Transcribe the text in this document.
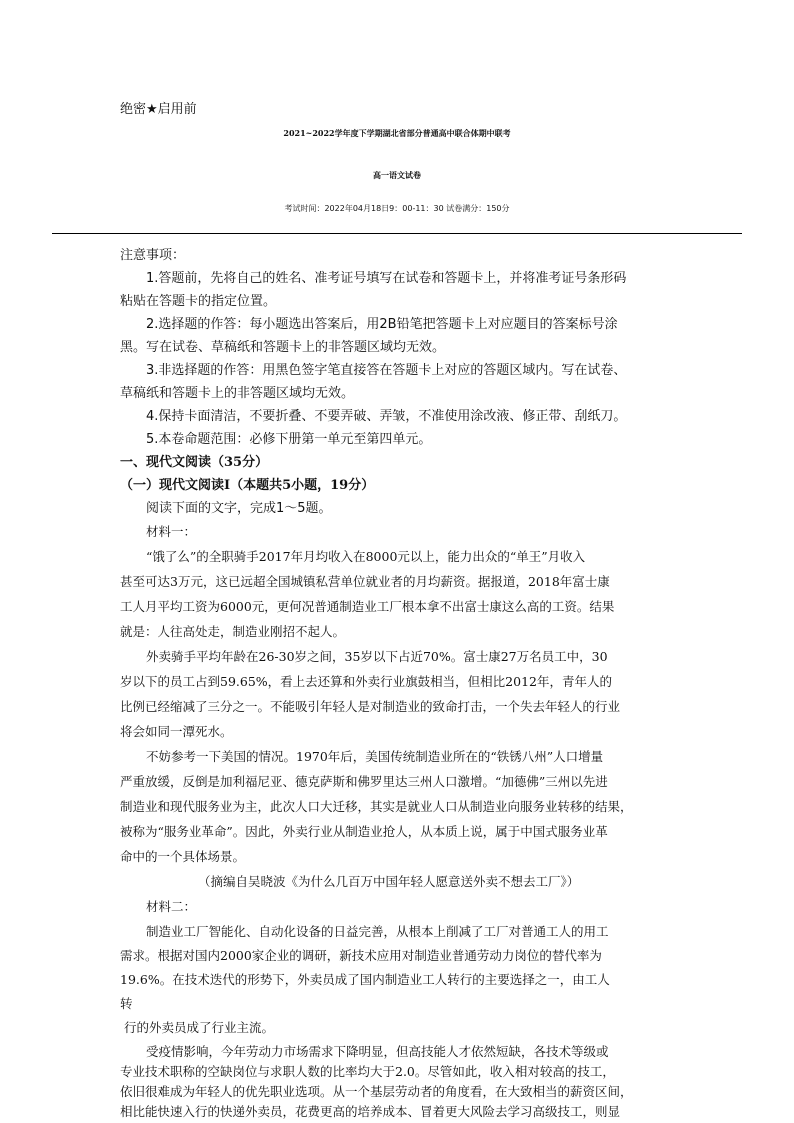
绝密★启用前
2021~2022学年度下学期湖北省部分普通高中联合体期中联考
高一语文试卷
考试时间：2022年04月18日9：00-11：30 试卷满分：150分
注意事项：
1.答题前，先将自己的姓名、准考证号填写在试卷和答题卡上，并将准考证号条形码
粘贴在答题卡的指定位置。
2.选择题的作答：每小题选出答案后，用2B铅笔把答题卡上对应题目的答案标号涂
黑。写在试卷、草稿纸和答题卡上的非答题区域均无效。
3.非选择题的作答：用黑色签字笔直接答在答题卡上对应的答题区域内。写在试卷、
草稿纸和答题卡上的非答题区域均无效。
4.保持卡面清洁，不要折叠、不要弄破、弄皱，不准使用涂改液、修正带、刮纸刀。
5.本卷命题范围：必修下册第一单元至第四单元。
一、现代文阅读（35分）
（一）现代文阅读Ⅰ（本题共5小题，19分）
阅读下面的文字，完成1～5题。
材料一：
“饿了么”的全职骑手2017年月均收入在8000元以上，能力出众的“单王”月收入
甚至可达3万元，这已远超全国城镇私营单位就业者的月均薪资。据报道，2018年富士康
工人月平均工资为6000元，更何况普通制造业工厂根本拿不出富士康这么高的工资。结果
就是：人往高处走，制造业刚招不起人。
外卖骑手平均年龄在26-30岁之间，35岁以下占近70%。富士康27万名员工中，30
岁以下的员工占到59.65%，看上去还算和外卖行业旗鼓相当，但相比2012年，青年人的
比例已经缩减了三分之一。不能吸引年轻人是对制造业的致命打击，一个失去年轻人的行业
将会如同一潭死水。
不妨参考一下美国的情况。1970年后，美国传统制造业所在的“铁锈八州”人口增量
严重放缓，反倒是加利福尼亚、德克萨斯和佛罗里达三州人口激增。“加德佛”三州以先进
制造业和现代服务业为主，此次人口大迁移，其实是就业人口从制造业向服务业转移的结果，
被称为“服务业革命”。因此，外卖行业从制造业抢人，从本质上说，属于中国式服务业革
命中的一个具体场景。
（摘编自吴晓波《为什么几百万中国年轻人愿意送外卖不想去工厂》）
材料二：
制造业工厂智能化、自动化设备的日益完善，从根本上削减了工厂对普通工人的用工
需求。根据对国内2000家企业的调研，新技术应用对制造业普通劳动力岗位的替代率为
19.6%。在技术迭代的形势下，外卖员成了国内制造业工人转行的主要选择之一，由工人
转
行的外卖员成了行业主流。
受疫情影响，今年劳动力市场需求下降明显，但高技能人才依然短缺，各技术等级或
专业技术职称的空缺岗位与求职人数的比率均大于2.0。尽管如此，收入相对较高的技工，
依旧很难成为年轻人的优先职业选项。从一个基层劳动者的角度看，在大致相当的薪资区间，
相比能快速入行的快递外卖员，花费更高的培养成本、冒着更大风险去学习高级技工，则显
